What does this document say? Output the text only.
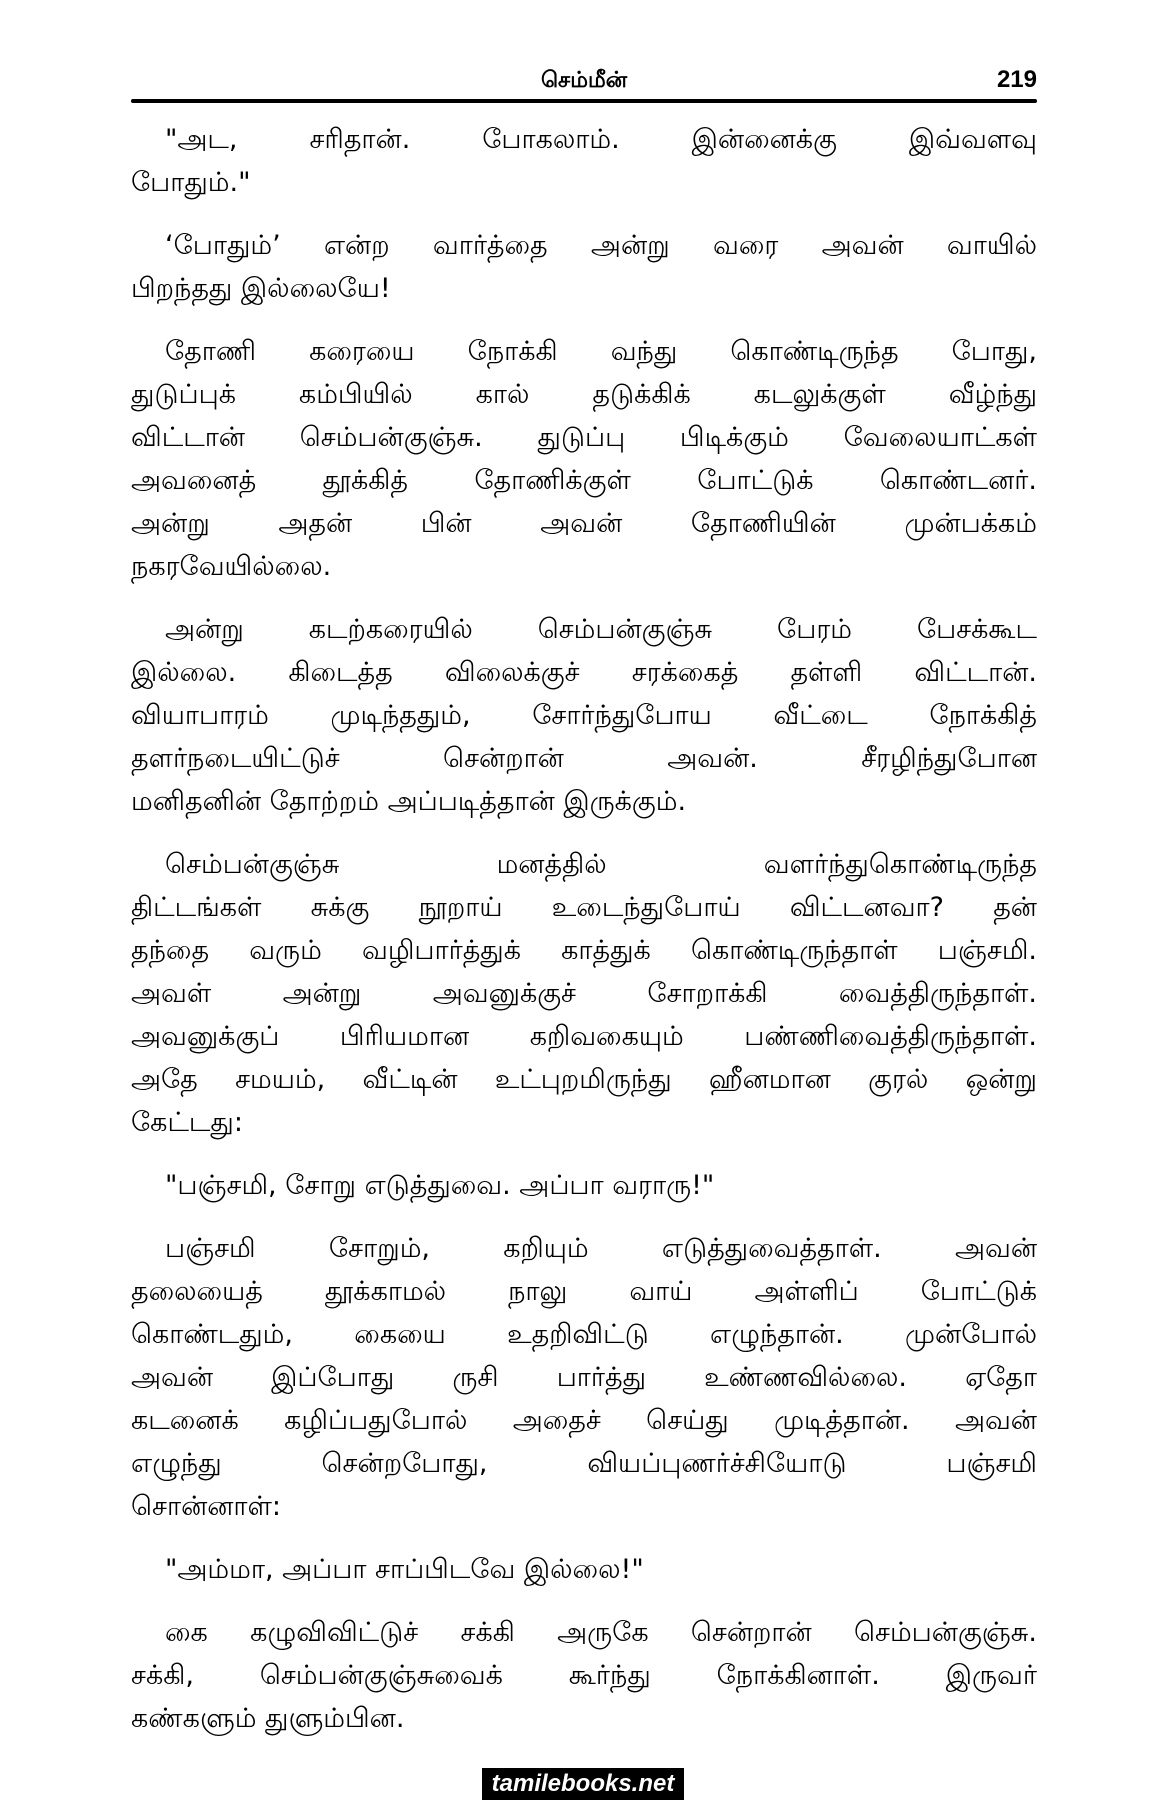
செம்மீன்	219
"அட, சரிதான். போகலாம். இன்னைக்கு இவ்வளவு
போதும்."
‘போதும்’ என்ற வார்த்தை அன்று வரை அவன் வாயில்
பிறந்தது இல்லையே!
தோணி கரையை நோக்கி வந்து கொண்டிருந்த போது,
துடுப்புக் கம்பியில் கால் தடுக்கிக் கடலுக்குள் வீழ்ந்து
விட்டான் செம்பன்குஞ்சு. துடுப்பு பிடிக்கும் வேலையாட்கள்
அவனைத் தூக்கித் தோணிக்குள் போட்டுக் கொண்டனர்.
அன்று அதன் பின் அவன் தோணியின் முன்பக்கம்
நகரவேயில்லை.
அன்று கடற்கரையில் செம்பன்குஞ்சு பேரம் பேசக்கூட
இல்லை. கிடைத்த விலைக்குச் சரக்கைத் தள்ளி விட்டான்.
வியாபாரம் முடிந்ததும், சோர்ந்துபோய வீட்டை நோக்கித்
தளர்நடையிட்டுச் சென்றான் அவன். சீரழிந்துபோன
மனிதனின் தோற்றம் அப்படித்தான் இருக்கும்.
செம்பன்குஞ்சு மனத்தில் வளர்ந்துகொண்டிருந்த
திட்டங்கள் சுக்கு நூறாய் உடைந்துபோய் விட்டனவா? தன்
தந்தை வரும் வழிபார்த்துக் காத்துக் கொண்டிருந்தாள் பஞ்சமி.
அவள் அன்று அவனுக்குச் சோறாக்கி வைத்திருந்தாள்.
அவனுக்குப் பிரியமான கறிவகையும் பண்ணிவைத்திருந்தாள்.
அதே சமயம், வீட்டின் உட்புறமிருந்து ஹீனமான குரல் ஒன்று
கேட்டது:
"பஞ்சமி, சோறு எடுத்துவை. அப்பா வராரு!"
பஞ்சமி சோறும், கறியும் எடுத்துவைத்தாள். அவன்
தலையைத் தூக்காமல் நாலு வாய் அள்ளிப் போட்டுக்
கொண்டதும், கையை உதறிவிட்டு எழுந்தான். முன்போல்
அவன் இப்போது ருசி பார்த்து உண்ணவில்லை. ஏதோ
கடனைக் கழிப்பதுபோல் அதைச் செய்து முடித்தான். அவன்
எழுந்து சென்றபோது, வியப்புணர்ச்சியோடு பஞ்சமி
சொன்னாள்:
"அம்மா, அப்பா சாப்பிடவே இல்லை!"
கை கழுவிவிட்டுச் சக்கி அருகே சென்றான் செம்பன்குஞ்சு.
சக்கி, செம்பன்குஞ்சுவைக் கூர்ந்து நோக்கினாள். இருவர்
கண்களும் துளும்பின.
tamilebooks.net
